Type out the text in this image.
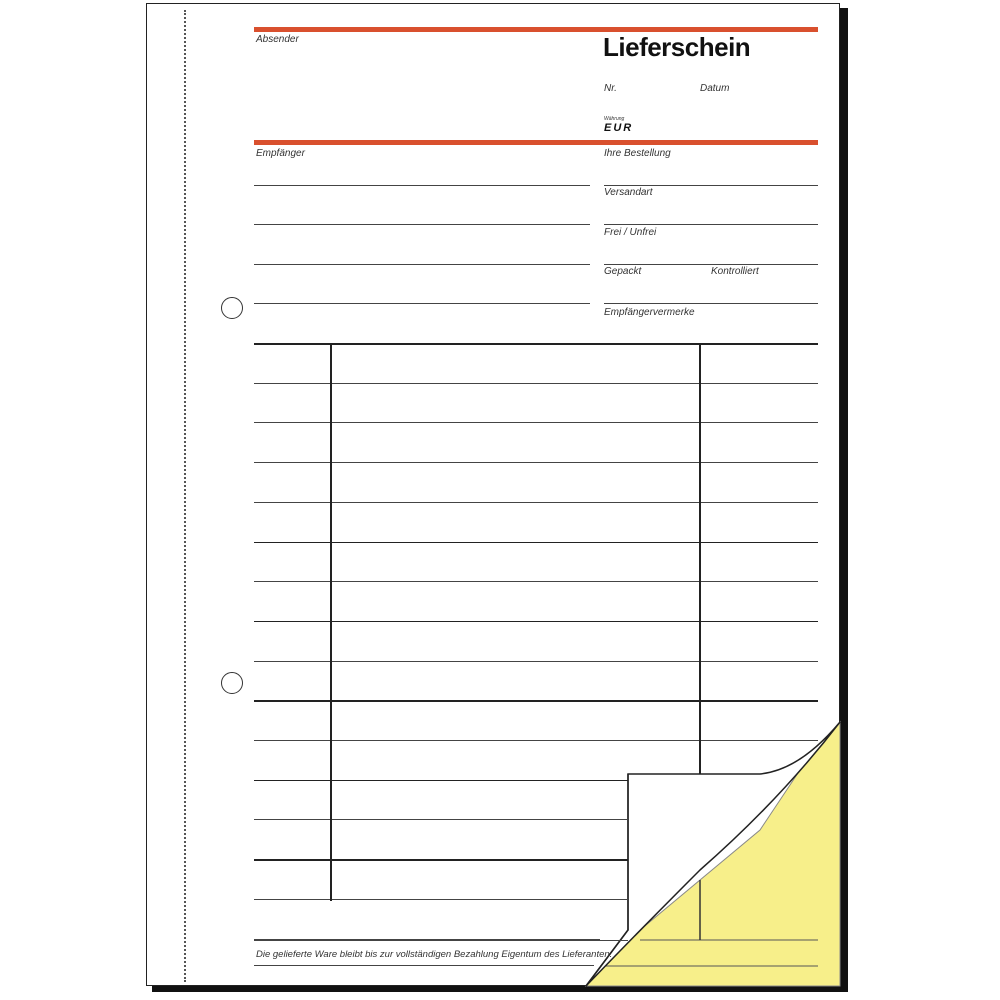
Absender	Lieferschein
Nr.	Datum
Währung
EUR
Empfänger	Ihre Bestellung
Versandart
Frei / Unfrei
Gepackt	Kontrolliert
Empfängervermerke
Die gelieferte Ware bleibt bis zur vollständigen Bezahlung Eigentum des Lieferanten.
